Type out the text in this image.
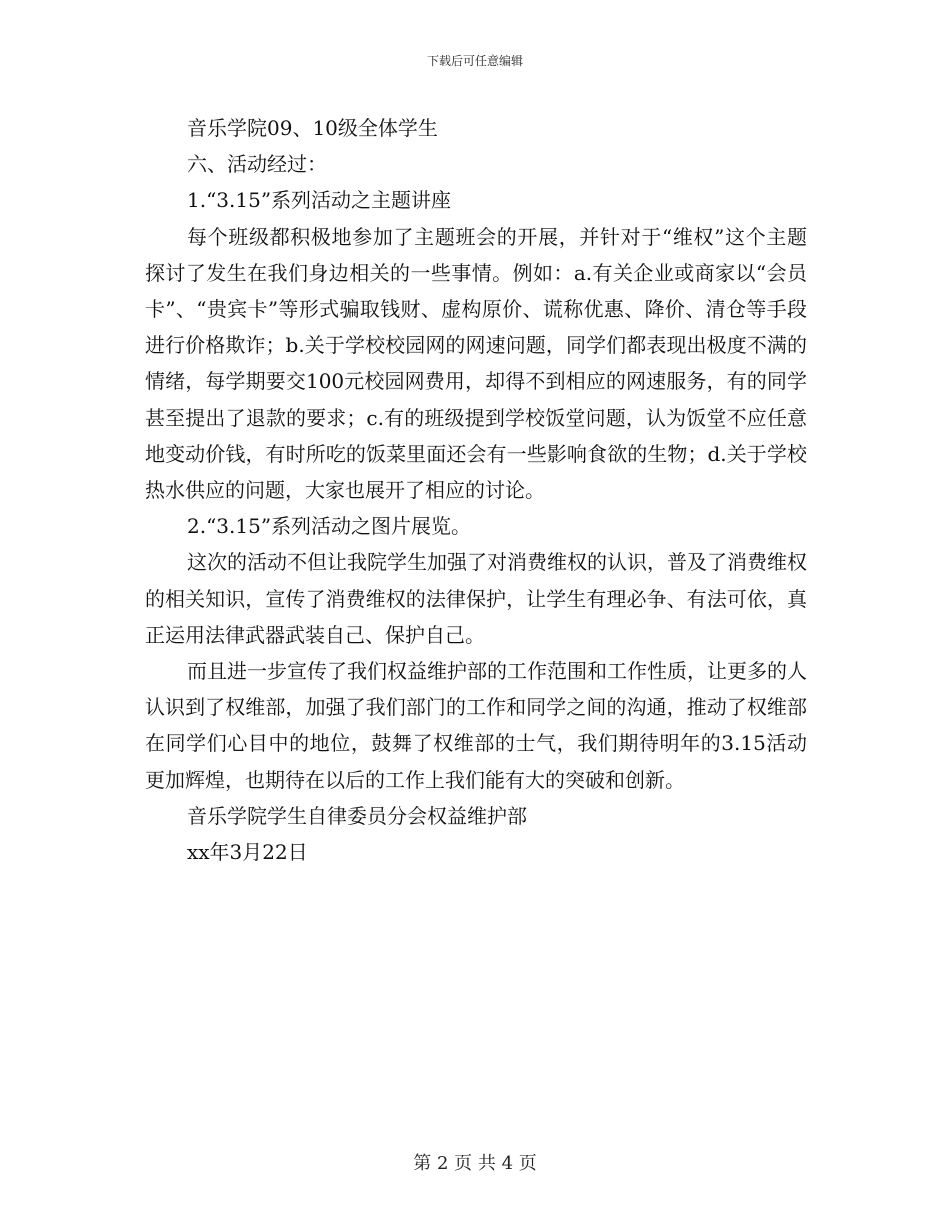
下载后可任意编辑

音乐学院09、10级全体学生

六、活动经过：

1.“3.15”系列活动之主题讲座

每个班级都积极地参加了主题班会的开展，并针对于“维权”这个主题探讨了发生在我们身边相关的一些事情。例如：a.有关企业或商家以“会员卡”、“贵宾卡”等形式骗取钱财、虚构原价、谎称优惠、降价、清仓等手段进行价格欺诈；b.关于学校校园网的网速问题，同学们都表现出极度不满的情绪，每学期要交100元校园网费用，却得不到相应的网速服务，有的同学甚至提出了退款的要求；c.有的班级提到学校饭堂问题，认为饭堂不应任意地变动价钱，有时所吃的饭菜里面还会有一些影响食欲的生物；d.关于学校热水供应的问题，大家也展开了相应的讨论。

2.“3.15”系列活动之图片展览。

这次的活动不但让我院学生加强了对消费维权的认识，普及了消费维权的相关知识，宣传了消费维权的法律保护，让学生有理必争、有法可依，真正运用法律武器武装自己、保护自己。

而且进一步宣传了我们权益维护部的工作范围和工作性质，让更多的人认识到了权维部，加强了我们部门的工作和同学之间的沟通，推动了权维部在同学们心目中的地位，鼓舞了权维部的士气，我们期待明年的3.15活动更加辉煌，也期待在以后的工作上我们能有大的突破和创新。

音乐学院学生自律委员分会权益维护部

xx年3月22日

第 2 页 共 4 页
